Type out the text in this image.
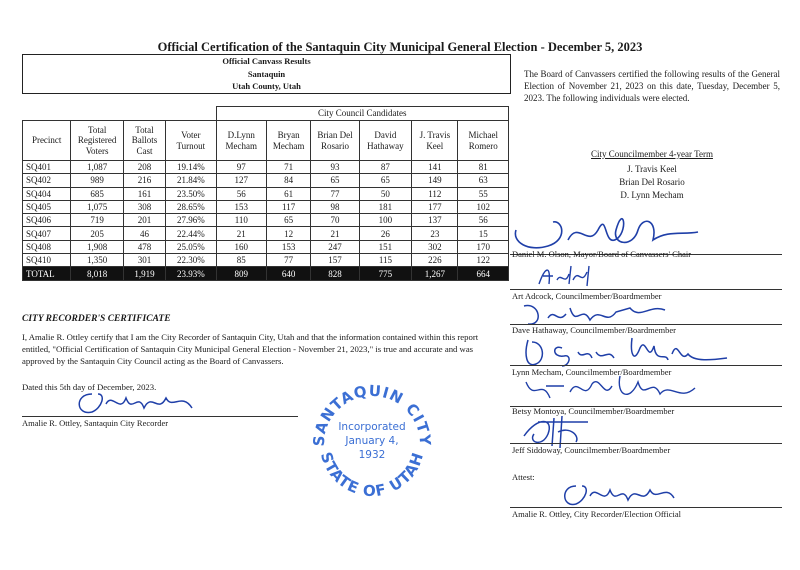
Official Certification of the Santaquin City Municipal General Election - December 5, 2023
Official Canvass Results
Santaquin
Utah County, Utah
				City Council Candidates					
Precinct	Total Registered Voters	Total Ballots Cast	Voter Turnout	D.Lynn Mecham	Bryan Mecham	Brian Del Rosario	David Hathaway	J. Travis Keel	Michael Romero
SQ401	1,087	208	19.14%	97	71	93	87	141	81
SQ402	989	216	21.84%	127	84	65	65	149	63
SQ404	685	161	23.50%	56	61	77	50	112	55
SQ405	1,075	308	28.65%	153	117	98	181	177	102
SQ406	719	201	27.96%	110	65	70	100	137	56
SQ407	205	46	22.44%	21	12	21	26	23	15
SQ408	1,908	478	25.05%	160	153	247	151	302	170
SQ410	1,350	301	22.30%	85	77	157	115	226	122
TOTAL	8,018	1,919	23.93%	809	640	828	775	1,267	664
The Board of Canvassers certified the following results of the General Election of November 21, 2023 on this date, Tuesday, December 5, 2023. The following individuals were elected.
City Councilmember 4-year Term
J. Travis Keel
Brian Del Rosario
D. Lynn Mecham
Daniel M. Olson, Mayor/Board of Canvassers' Chair
Art Adcock, Councilmember/Boardmember
Dave Hathaway, Councilmember/Boardmember
Lynn Mecham, Councilmember/Boardmember
Betsy Montoya, Councilmember/Boardmember
Jeff Siddoway, Councilmember/Boardmember
Attest:
Amalie R. Ottley, City Recorder/Election Official
CITY RECORDER'S CERTIFICATE
I, Amalie R. Ottley certify that I am the City Recorder of Santaquin City, Utah and that the information contained within this report entitled, "Official Certification of Santaquin City Municipal General Election - November 21, 2023," is true and accurate and was approved by the Santaquin City Council acting as the Board of Canvassers.
Dated this 5th day of December, 2023.
Amalie R. Ottley, Santaquin City Recorder
SANTAQUIN CITY
STATE OF UTAH
Incorporated
January 4,
1932
